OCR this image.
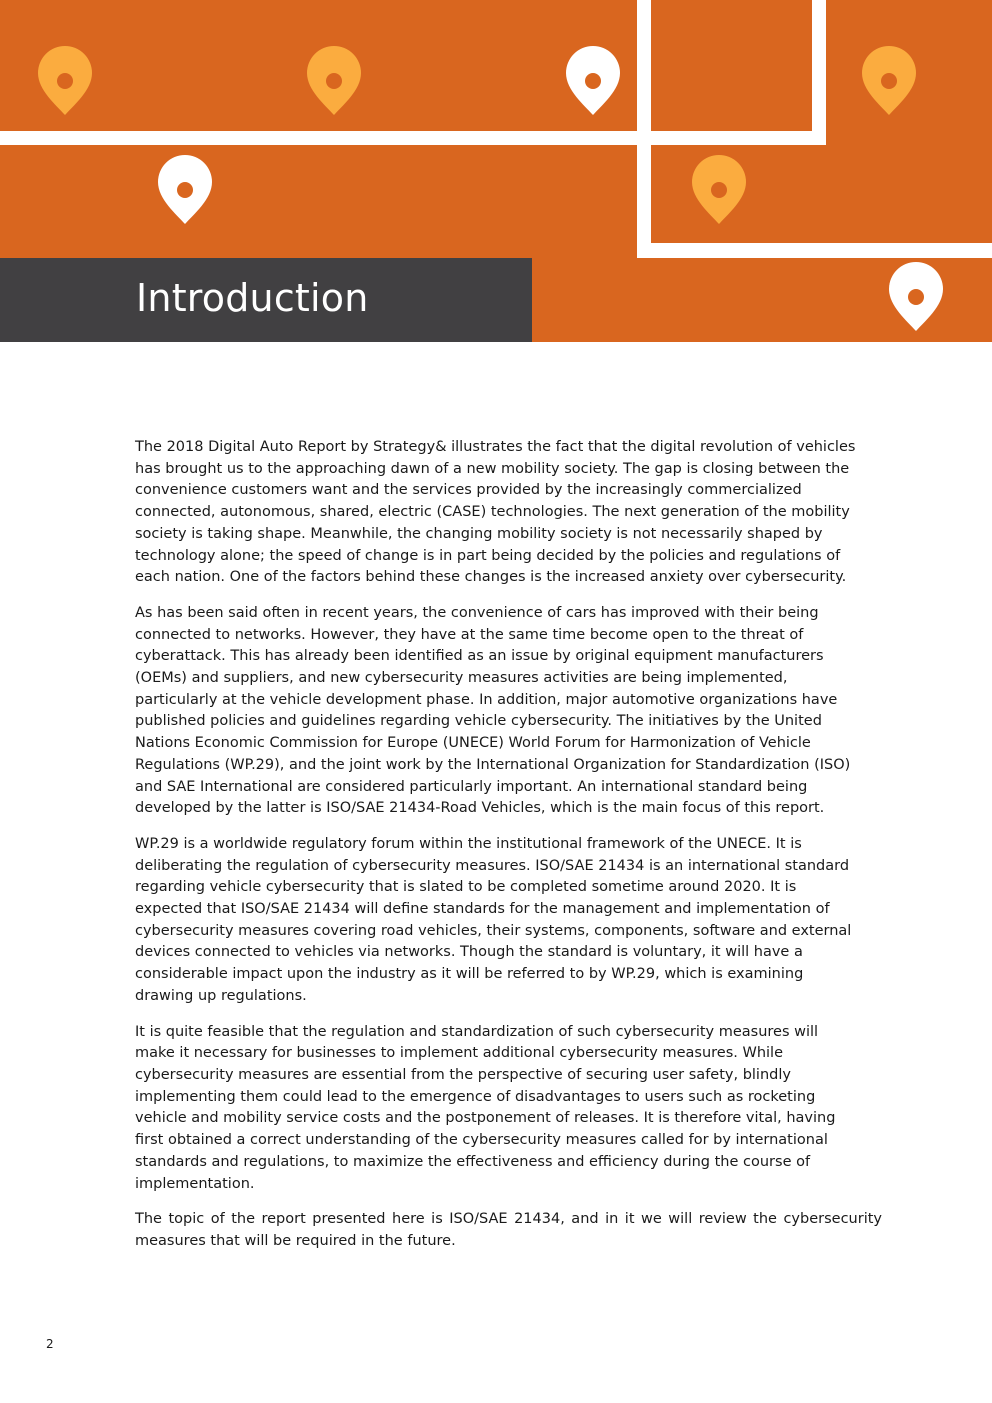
Introduction

The 2018 Digital Auto Report by Strategy& illustrates the fact that the digital revolution of vehicles has brought us to the approaching dawn of a new mobility society. The gap is closing between the convenience customers want and the services provided by the increasingly commercialized connected, autonomous, shared, electric (CASE) technologies. The next generation of the mobility society is taking shape. Meanwhile, the changing mobility society is not necessarily shaped by technology alone; the speed of change is in part being decided by the policies and regulations of each nation. One of the factors behind these changes is the increased anxiety over cybersecurity.

As has been said often in recent years, the convenience of cars has improved with their being connected to networks. However, they have at the same time become open to the threat of cyberattack. This has already been identified as an issue by original equipment manufacturers (OEMs) and suppliers, and new cybersecurity measures activities are being implemented, particularly at the vehicle development phase. In addition, major automotive organizations have published policies and guidelines regarding vehicle cybersecurity. The initiatives by the United Nations Economic Commission for Europe (UNECE) World Forum for Harmonization of Vehicle Regulations (WP.29), and the joint work by the International Organization for Standardization (ISO) and SAE International are considered particularly important. An international standard being developed by the latter is ISO/SAE 21434-Road Vehicles, which is the main focus of this report.

WP.29 is a worldwide regulatory forum within the institutional framework of the UNECE. It is deliberating the regulation of cybersecurity measures. ISO/SAE 21434 is an international standard regarding vehicle cybersecurity that is slated to be completed sometime around 2020. It is expected that ISO/SAE 21434 will define standards for the management and implementation of cybersecurity measures covering road vehicles, their systems, components, software and external devices connected to vehicles via networks. Though the standard is voluntary, it will have a considerable impact upon the industry as it will be referred to by WP.29, which is examining drawing up regulations.

It is quite feasible that the regulation and standardization of such cybersecurity measures will make it necessary for businesses to implement additional cybersecurity measures. While cybersecurity measures are essential from the perspective of securing user safety, blindly implementing them could lead to the emergence of disadvantages to users such as rocketing vehicle and mobility service costs and the postponement of releases. It is therefore vital, having first obtained a correct understanding of the cybersecurity measures called for by international standards and regulations, to maximize the effectiveness and efficiency during the course of implementation.

The topic of the report presented here is ISO/SAE 21434, and in it we will review the cybersecurity measures that will be required in the future.

2
